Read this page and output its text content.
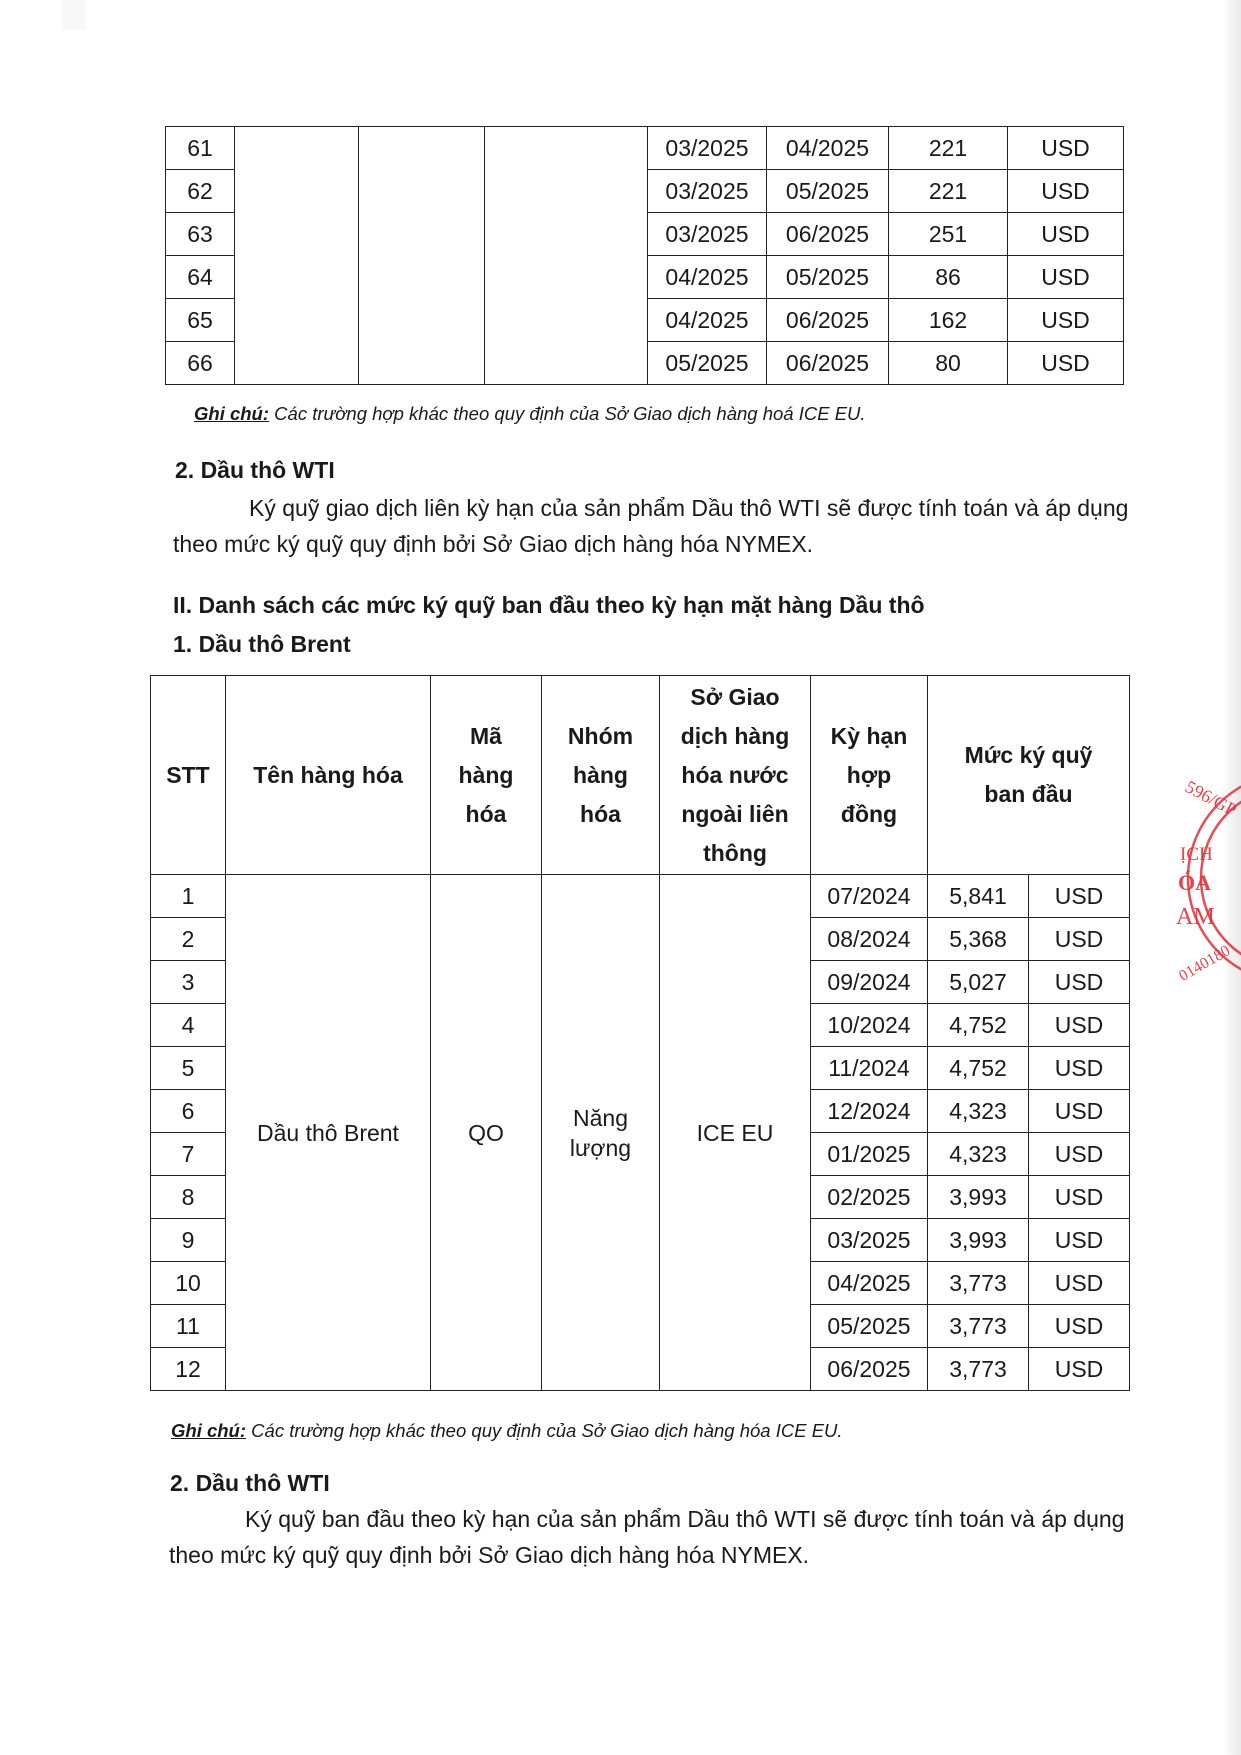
61				03/2025	04/2025	221	USD
62				03/2025	05/2025	221	USD
63				03/2025	06/2025	251	USD
64				04/2025	05/2025	86	USD
65				04/2025	06/2025	162	USD
66				05/2025	06/2025	80	USD
Ghi chú: Các trường hợp khác theo quy định của Sở Giao dịch hàng hoá ICE EU.
2. Dầu thô WTI
Ký quỹ giao dịch liên kỳ hạn của sản phẩm Dầu thô WTI sẽ được tính toán và áp dụng
theo mức ký quỹ quy định bởi Sở Giao dịch hàng hóa NYMEX.
II. Danh sách các mức ký quỹ ban đầu theo kỳ hạn mặt hàng Dầu thô
1. Dầu thô Brent
STT	Tên hàng hóa	Mã hàng hóa	Nhóm hàng hóa	Sở Giao dịch hàng hóa nước ngoài liên thông	Kỳ hạn hợp đồng	Mức ký quỹ ban đầu	
1	Dầu thô Brent	QO	Năng lượng	ICE EU	07/2024	5,841	USD
2					08/2024	5,368	USD
3					09/2024	5,027	USD
4					10/2024	4,752	USD
5					11/2024	4,752	USD
6					12/2024	4,323	USD
7					01/2025	4,323	USD
8					02/2025	3,993	USD
9					03/2025	3,993	USD
10					04/2025	3,773	USD
11					05/2025	3,773	USD
12					06/2025	3,773	USD
Ghi chú: Các trường hợp khác theo quy định của Sở Giao dịch hàng hóa ICE EU.
2. Dầu thô WTI
Ký quỹ ban đầu theo kỳ hạn của sản phẩm Dầu thô WTI sẽ được tính toán và áp dụng
theo mức ký quỹ quy định bởi Sở Giao dịch hàng hóa NYMEX.
596/GP
ỊCH
ÓA
AM
0140180
